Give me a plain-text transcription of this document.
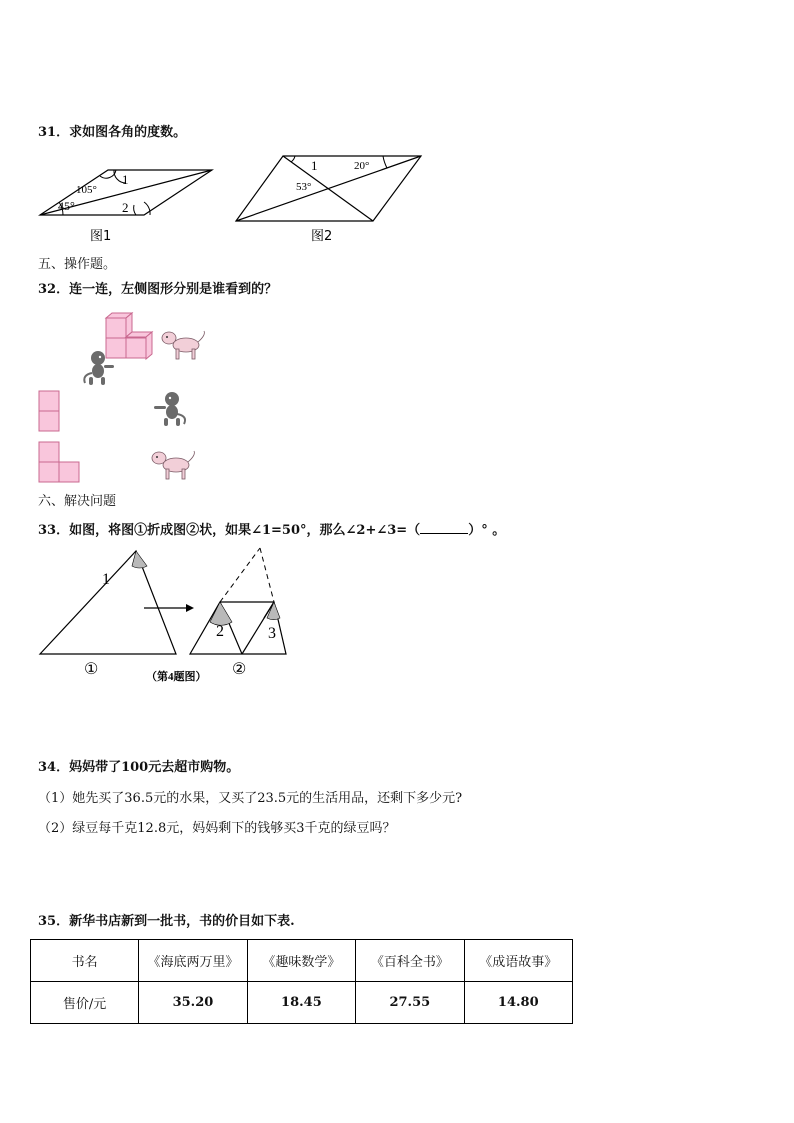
31．求如图各角的度数。
105°
45°
1
2
图1
1	20°
53°
图2
五、操作题。
32．连一连，左侧图形分别是谁看到的？
六、解决问题
33．如图，将图①折成图②状，如果∠1=50°，那么∠2+∠3=（	）° 。
1
①
2	3
②
（第4题图）
34．妈妈带了100元去超市购物。
（1）她先买了36.5元的水果，又买了23.5元的生活用品，还剩下多少元?
（2）绿豆每千克12.8元，妈妈剩下的钱够买3千克的绿豆吗？
35．新华书店新到一批书，书的价目如下表.
书名	《海底两万里》	《趣味数学》	《百科全书》	《成语故事》
售价/元	35.20	18.45	27.55	14.80
